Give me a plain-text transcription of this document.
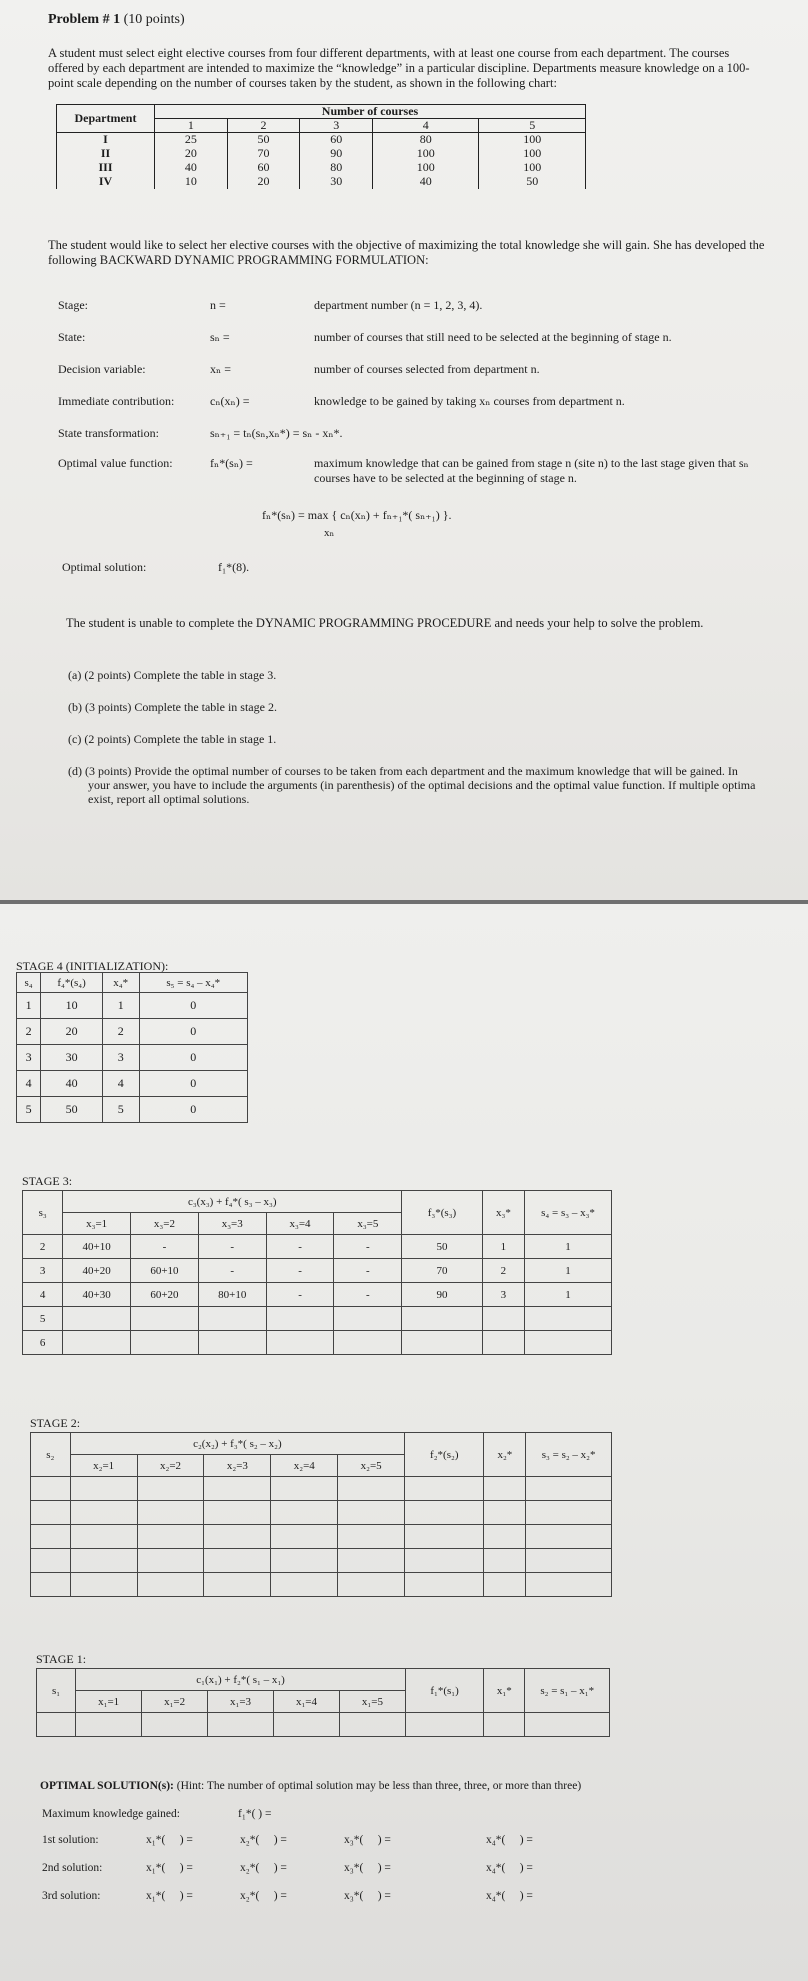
Problem # 1 (10 points)
A student must select eight elective courses from four different departments, with at least one course from each department. The courses offered by each department are intended to maximize the “knowledge” in a particular discipline. Departments measure knowledge on a 100-point scale depending on the number of courses taken by the student, as shown in the following chart:
Department	Number of courses				
	1	2	3	4	5
I	25	50	60	80	100
II	20	70	90	100	100
III	40	60	80	100	100
IV	10	20	30	40	50
The student would like to select her elective courses with the objective of maximizing the total knowledge she will gain. She has developed the following BACKWARD DYNAMIC PROGRAMMING FORMULATION:
Stage:	n =	department number (n = 1, 2, 3, 4).
State:	sₙ =	number of courses that still need to be selected at the beginning of stage n.
Decision variable:	xₙ =	number of courses selected from department n.
Immediate contribution:	cₙ(xₙ) =	knowledge to be gained by taking xₙ courses from department n.
State transformation:	sₙ₊₁ = tₙ(sₙ,xₙ*) = sₙ - xₙ*.
Optimal value function:	fₙ*(sₙ) =	maximum knowledge that can be gained from stage n (site n) to the last stage given that sₙ courses have to be selected at the beginning of stage n.
fₙ*(sₙ) = max { cₙ(xₙ) + fₙ₊₁*( sₙ₊₁) }.
xₙ
Optimal solution:	f₁*(8).
The student is unable to complete the DYNAMIC PROGRAMMING PROCEDURE and needs your help to solve the problem.
(a) (2 points) Complete the table in stage 3.
(b) (3 points) Complete the table in stage 2.
(c) (2 points) Complete the table in stage 1.
(d) (3 points) Provide the optimal number of courses to be taken from each department and the maximum knowledge that will be gained. In your answer, you have to include the arguments (in parenthesis) of the optimal decisions and the optimal value function. If multiple optima exist, report all optimal solutions.
STAGE 4 (INITIALIZATION):
s₄	f₄*(s₄)	x₄*	s₅ = s₄ – x₄*
1	10	1	0
2	20	2	0
3	30	3	0
4	40	4	0
5	50	5	0
STAGE 3:
s₃	c₃(x₃) + f₄*( s₃ – x₃)					f₃*(s₃)	x₃*	s₄ = s₃ – x₃*
	x₃=1	x₃=2	x₃=3	x₃=4	x₃=5			
2	40+10	-	-	-	-	50	1	1
3	40+20	60+10	-	-	-	70	2	1
4	40+30	60+20	80+10	-	-	90	3	1
5								
6								
STAGE 2:
s₂	c₂(x₂) + f₃*( s₂ – x₂)					f₂*(s₂)	x₂*	s₃ = s₂ – x₂*
	x₂=1	x₂=2	x₂=3	x₂=4	x₂=5			

STAGE 1:
s₁	c₁(x₁) + f₂*( s₁ – x₁)					f₁*(s₁)	x₁*	s₂ = s₁ – x₁*
	x₁=1	x₁=2	x₁=3	x₁=4	x₁=5			

OPTIMAL SOLUTION(s): (Hint: The number of optimal solution may be less than three, three, or more than three)
Maximum knowledge gained:	f₁*( ) =
1st solution:	x₁*(     ) =	x₂*(     ) =	x₃*(     ) =	x₄*(     ) =
2nd solution:	x₁*(     ) =	x₂*(     ) =	x₃*(     ) =	x₄*(     ) =
3rd solution:	x₁*(     ) =	x₂*(     ) =	x₃*(     ) =	x₄*(     ) =
